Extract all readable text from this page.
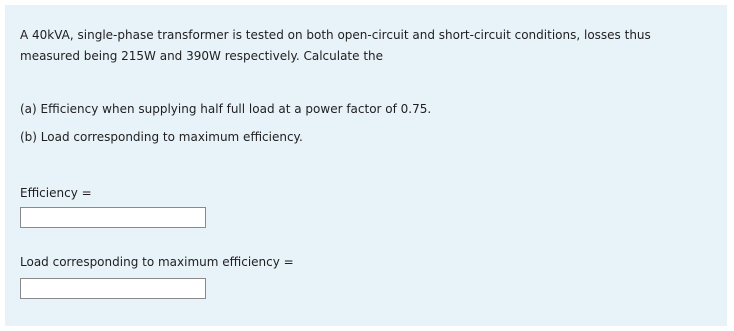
A 40kVA, single-phase transformer is tested on both open-circuit and short-circuit conditions, losses thus measured being 215W and 390W respectively. Calculate the
(a) Efficiency when supplying half full load at a power factor of 0.75.
(b) Load corresponding to maximum efficiency.
Efficiency =
Load corresponding to maximum efficiency =
